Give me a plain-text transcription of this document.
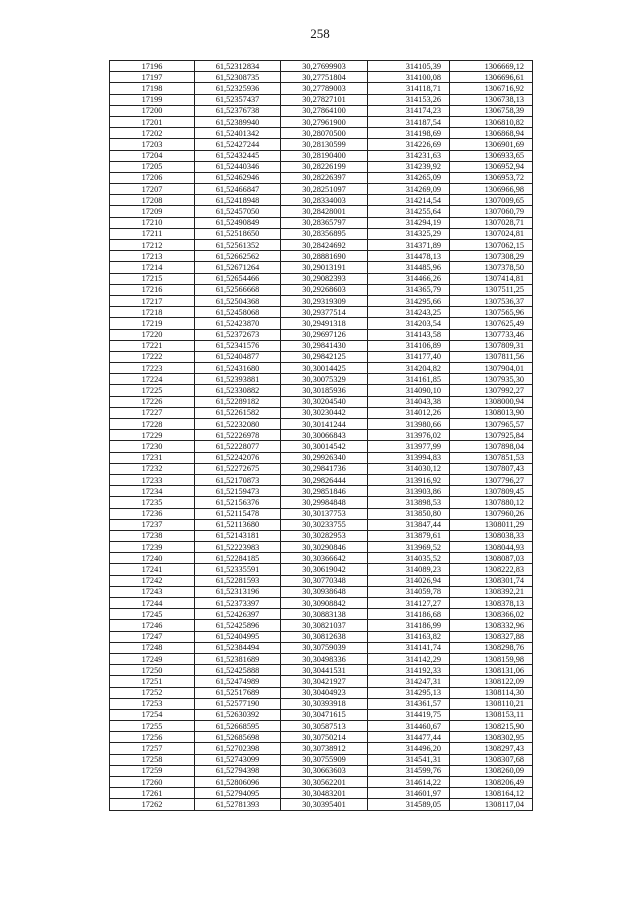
258
17196	61,52312834	30,27699903	314105,39	1306669,12
17197	61,52308735	30,27751804	314100,08	1306696,61
17198	61,52325936	30,27789003	314118,71	1306716,92
17199	61,52357437	30,27827101	314153,26	1306738,13
17200	61,52376738	30,27864100	314174,23	1306758,39
17201	61,52389940	30,27961900	314187,54	1306810,82
17202	61,52401342	30,28070500	314198,69	1306868,94
17203	61,52427244	30,28130599	314226,69	1306901,69
17204	61,52432445	30,28190400	314231,63	1306933,65
17205	61,52440346	30,28226199	314239,92	1306952,94
17206	61,52462946	30,28226397	314265,09	1306953,72
17207	61,52466847	30,28251097	314269,09	1306966,98
17208	61,52418948	30,28334003	314214,54	1307009,65
17209	61,52457050	30,28428001	314255,64	1307060,79
17210	61,52490849	30,28365797	314294,19	1307028,71
17211	61,52518650	30,28356895	314325,29	1307024,81
17212	61,52561352	30,28424692	314371,89	1307062,15
17213	61,52662562	30,28881690	314478,13	1307308,29
17214	61,52671264	30,29013191	314485,96	1307378,50
17215	61,52654466	30,29082393	314466,26	1307414,81
17216	61,52566668	30,29268603	314365,79	1307511,25
17217	61,52504368	30,29319309	314295,66	1307536,37
17218	61,52458068	30,29377514	314243,25	1307565,96
17219	61,52423870	30,29491318	314203,54	1307625,49
17220	61,52372673	30,29697126	314143,58	1307733,46
17221	61,52341576	30,29841430	314106,89	1307809,31
17222	61,52404877	30,29842125	314177,40	1307811,56
17223	61,52431680	30,30014425	314204,82	1307904,01
17224	61,52393881	30,30075329	314161,85	1307935,30
17225	61,52330882	30,30185936	314090,10	1307992,27
17226	61,52289182	30,30204540	314043,38	1308000,94
17227	61,52261582	30,30230442	314012,26	1308013,90
17228	61,52232080	30,30141244	313980,66	1307965,57
17229	61,52226978	30,30066843	313976,02	1307925,84
17230	61,52228077	30,30014542	313977,99	1307898,04
17231	61,52242076	30,29926340	313994,83	1307851,53
17232	61,52272675	30,29841736	314030,12	1307807,43
17233	61,52170873	30,29826444	313916,92	1307796,27
17234	61,52159473	30,29851846	313903,86	1307809,45
17235	61,52156376	30,29984848	313898,53	1307880,12
17236	61,52115478	30,30137753	313850,80	1307960,26
17237	61,52113680	30,30233755	313847,44	1308011,29
17238	61,52143181	30,30282953	313879,61	1308038,33
17239	61,52223983	30,30290846	313969,52	1308044,93
17240	61,52284185	30,30366642	314035,52	1308087,03
17241	61,52335591	30,30619042	314089,23	1308222,83
17242	61,52281593	30,30770348	314026,94	1308301,74
17243	61,52313196	30,30938648	314059,78	1308392,21
17244	61,52373397	30,30908842	314127,27	1308378,13
17245	61,52426397	30,30883138	314186,68	1308366,02
17246	61,52425896	30,30821037	314186,99	1308332,96
17247	61,52404995	30,30812638	314163,82	1308327,88
17248	61,52384494	30,30759039	314141,74	1308298,76
17249	61,52381689	30,30498336	314142,29	1308159,98
17250	61,52425888	30,30441531	314192,33	1308131,06
17251	61,52474989	30,30421927	314247,31	1308122,09
17252	61,52517689	30,30404923	314295,13	1308114,30
17253	61,52577190	30,30393918	314361,57	1308110,21
17254	61,52630392	30,30471615	314419,75	1308153,11
17255	61,52668595	30,30587513	314460,67	1308215,90
17256	61,52685698	30,30750214	314477,44	1308302,95
17257	61,52702398	30,30738912	314496,20	1308297,43
17258	61,52743099	30,30755909	314541,31	1308307,68
17259	61,52794398	30,30663603	314599,76	1308260,09
17260	61,52806096	30,30562201	314614,22	1308206,49
17261	61,52794095	30,30483201	314601,97	1308164,12
17262	61,52781393	30,30395401	314589,05	1308117,04
